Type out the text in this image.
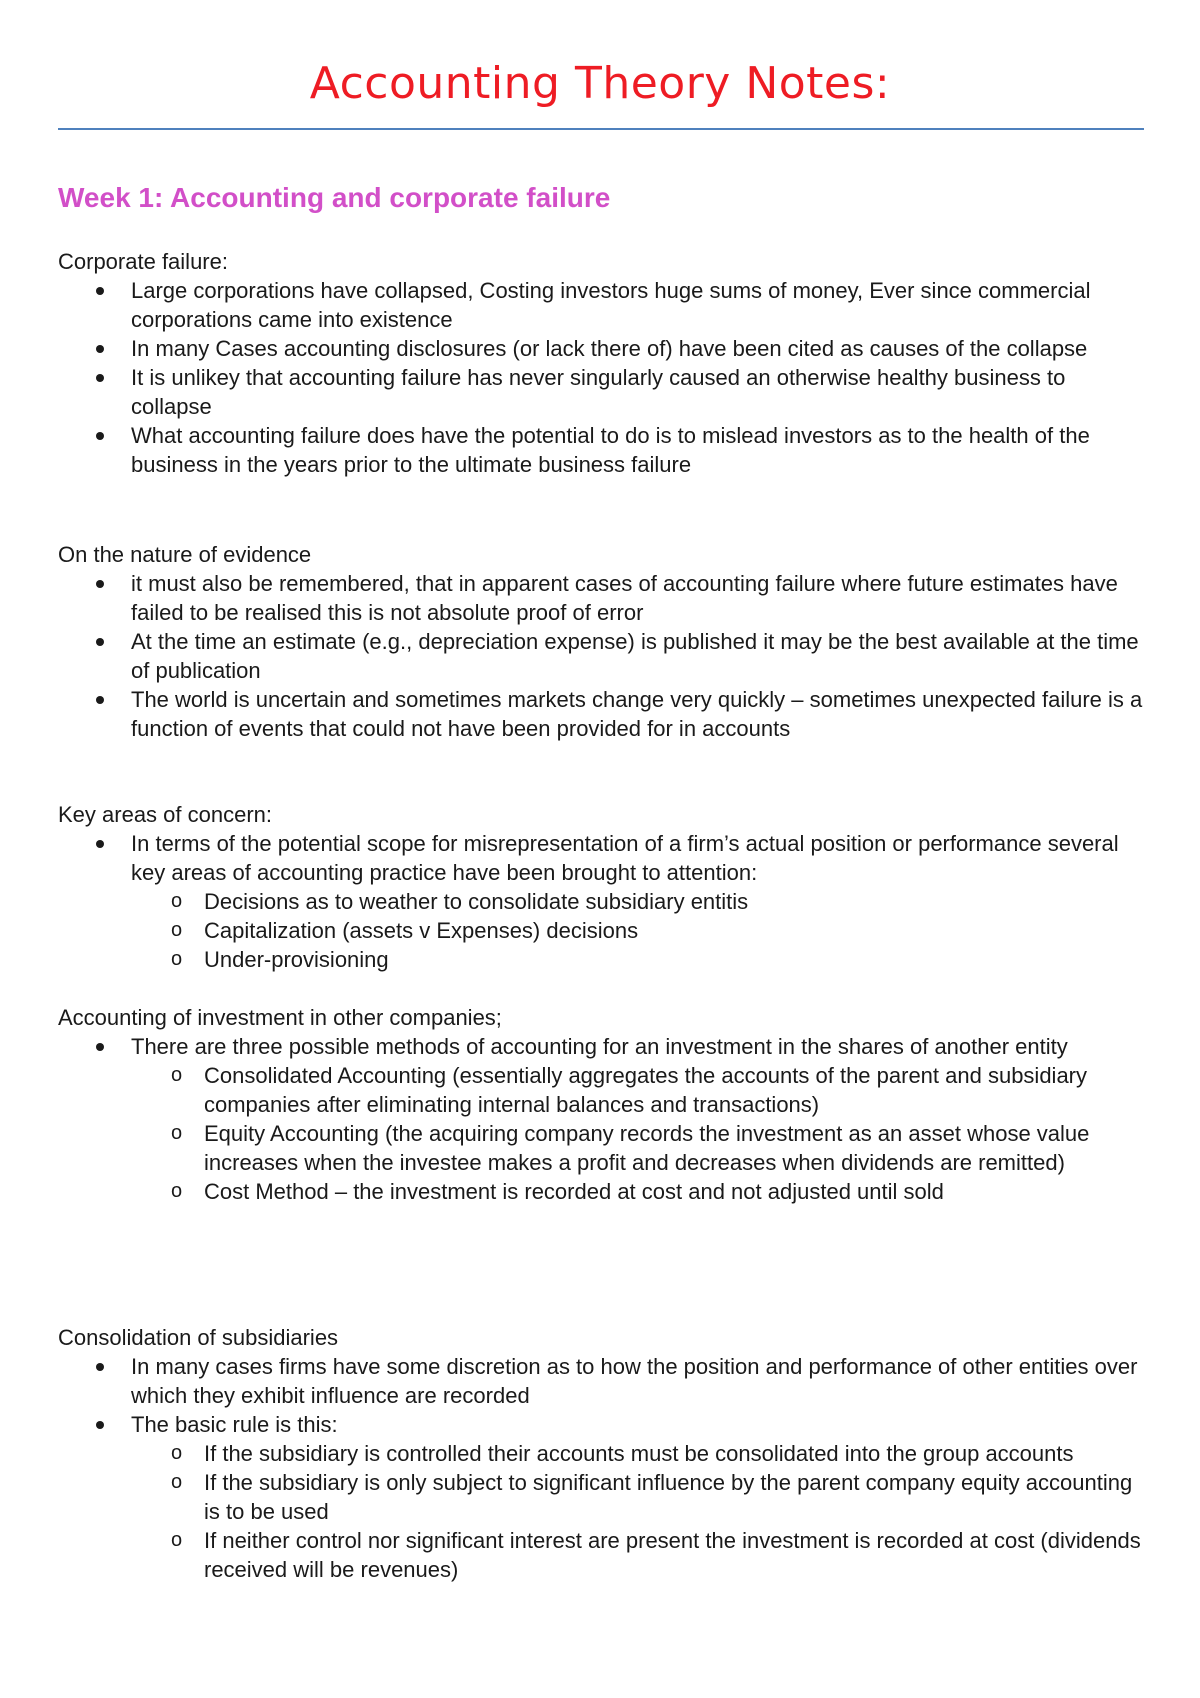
Accounting Theory Notes:
Week 1: Accounting and corporate failure

Corporate failure:

Large corporations have collapsed, Costing investors huge sums of money, Ever since commercial corporations came into existence
In many Cases accounting disclosures (or lack there of) have been cited as causes of the collapse
It is unlikey that accounting failure has never singularly caused an otherwise healthy business to collapse
What accounting failure does have the potential to do is to mislead investors as to the health of the business in the years prior to the ultimate business failure

On the nature of evidence

it must also be remembered, that in apparent cases of accounting failure where future estimates have failed to be realised this is not absolute proof of error
At the time an estimate (e.g., depreciation expense) is published it may be the best available at the time of publication
The world is uncertain and sometimes markets change very quickly – sometimes unexpected failure is a function of events that could not have been provided for in accounts

Key areas of concern:

In terms of the potential scope for misrepresentation of a firm’s actual position or performance several key areas of accounting practice have been brought to attention:
o Decisions as to weather to consolidate subsidiary entitis
o Capitalization (assets v Expenses) decisions
o Under-provisioning

Accounting of investment in other companies;

There are three possible methods of accounting for an investment in the shares of another entity
o Consolidated Accounting (essentially aggregates the accounts of the parent and subsidiary companies after eliminating internal balances and transactions)
o Equity Accounting (the acquiring company records the investment as an asset whose value increases when the investee makes a profit and decreases when dividends are remitted)
o Cost Method – the investment is recorded at cost and not adjusted until sold

Consolidation of subsidiaries

In many cases firms have some discretion as to how the position and performance of other entities over which they exhibit influence are recorded
The basic rule is this:
o If the subsidiary is controlled their accounts must be consolidated into the group accounts
o If the subsidiary is only subject to significant influence by the parent company equity accounting is to be used
o If neither control nor significant interest are present the investment is recorded at cost (dividends received will be revenues)
